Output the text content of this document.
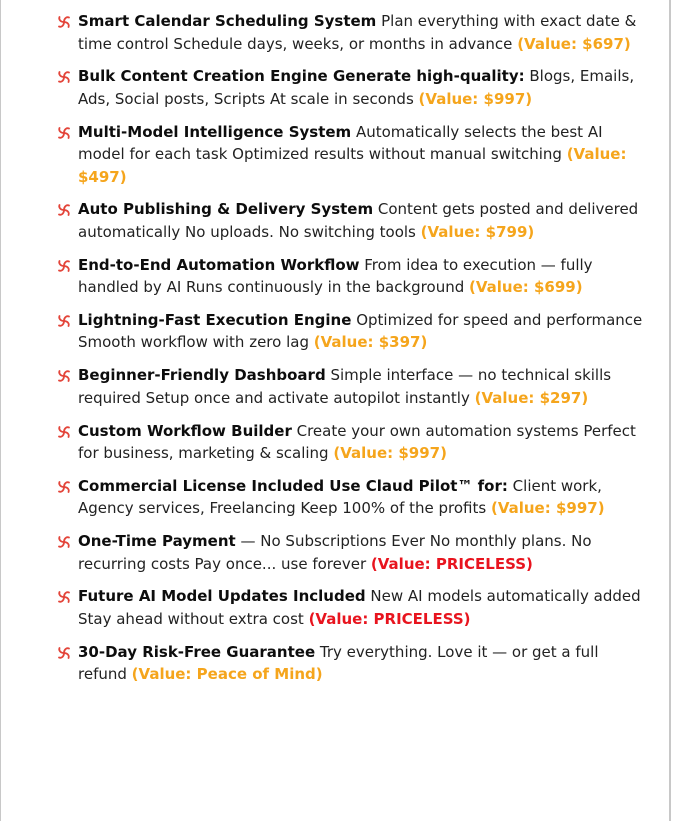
Smart Calendar Scheduling System Plan everything with exact date & time control Schedule days, weeks, or months in advance (Value: $697)
Bulk Content Creation Engine Generate high-quality: Blogs, Emails, Ads, Social posts, Scripts At scale in seconds (Value: $997)
Multi-Model Intelligence System Automatically selects the best AI model for each task Optimized results without manual switching (Value: $497)
Auto Publishing & Delivery System Content gets posted and delivered automatically No uploads. No switching tools (Value: $799)
End-to-End Automation Workflow From idea to execution — fully handled by AI Runs continuously in the background (Value: $699)
Lightning-Fast Execution Engine Optimized for speed and performance Smooth workflow with zero lag (Value: $397)
Beginner-Friendly Dashboard Simple interface — no technical skills required Setup once and activate autopilot instantly (Value: $297)
Custom Workflow Builder Create your own automation systems Perfect for business, marketing & scaling (Value: $997)
Commercial License Included Use Claud Pilot™ for: Client work, Agency services, Freelancing Keep 100% of the profits (Value: $997)
One-Time Payment — No Subscriptions Ever No monthly plans. No recurring costs Pay once... use forever (Value: PRICELESS)
Future AI Model Updates Included New AI models automatically added Stay ahead without extra cost (Value: PRICELESS)
30-Day Risk-Free Guarantee Try everything. Love it — or get a full refund (Value: Peace of Mind)
